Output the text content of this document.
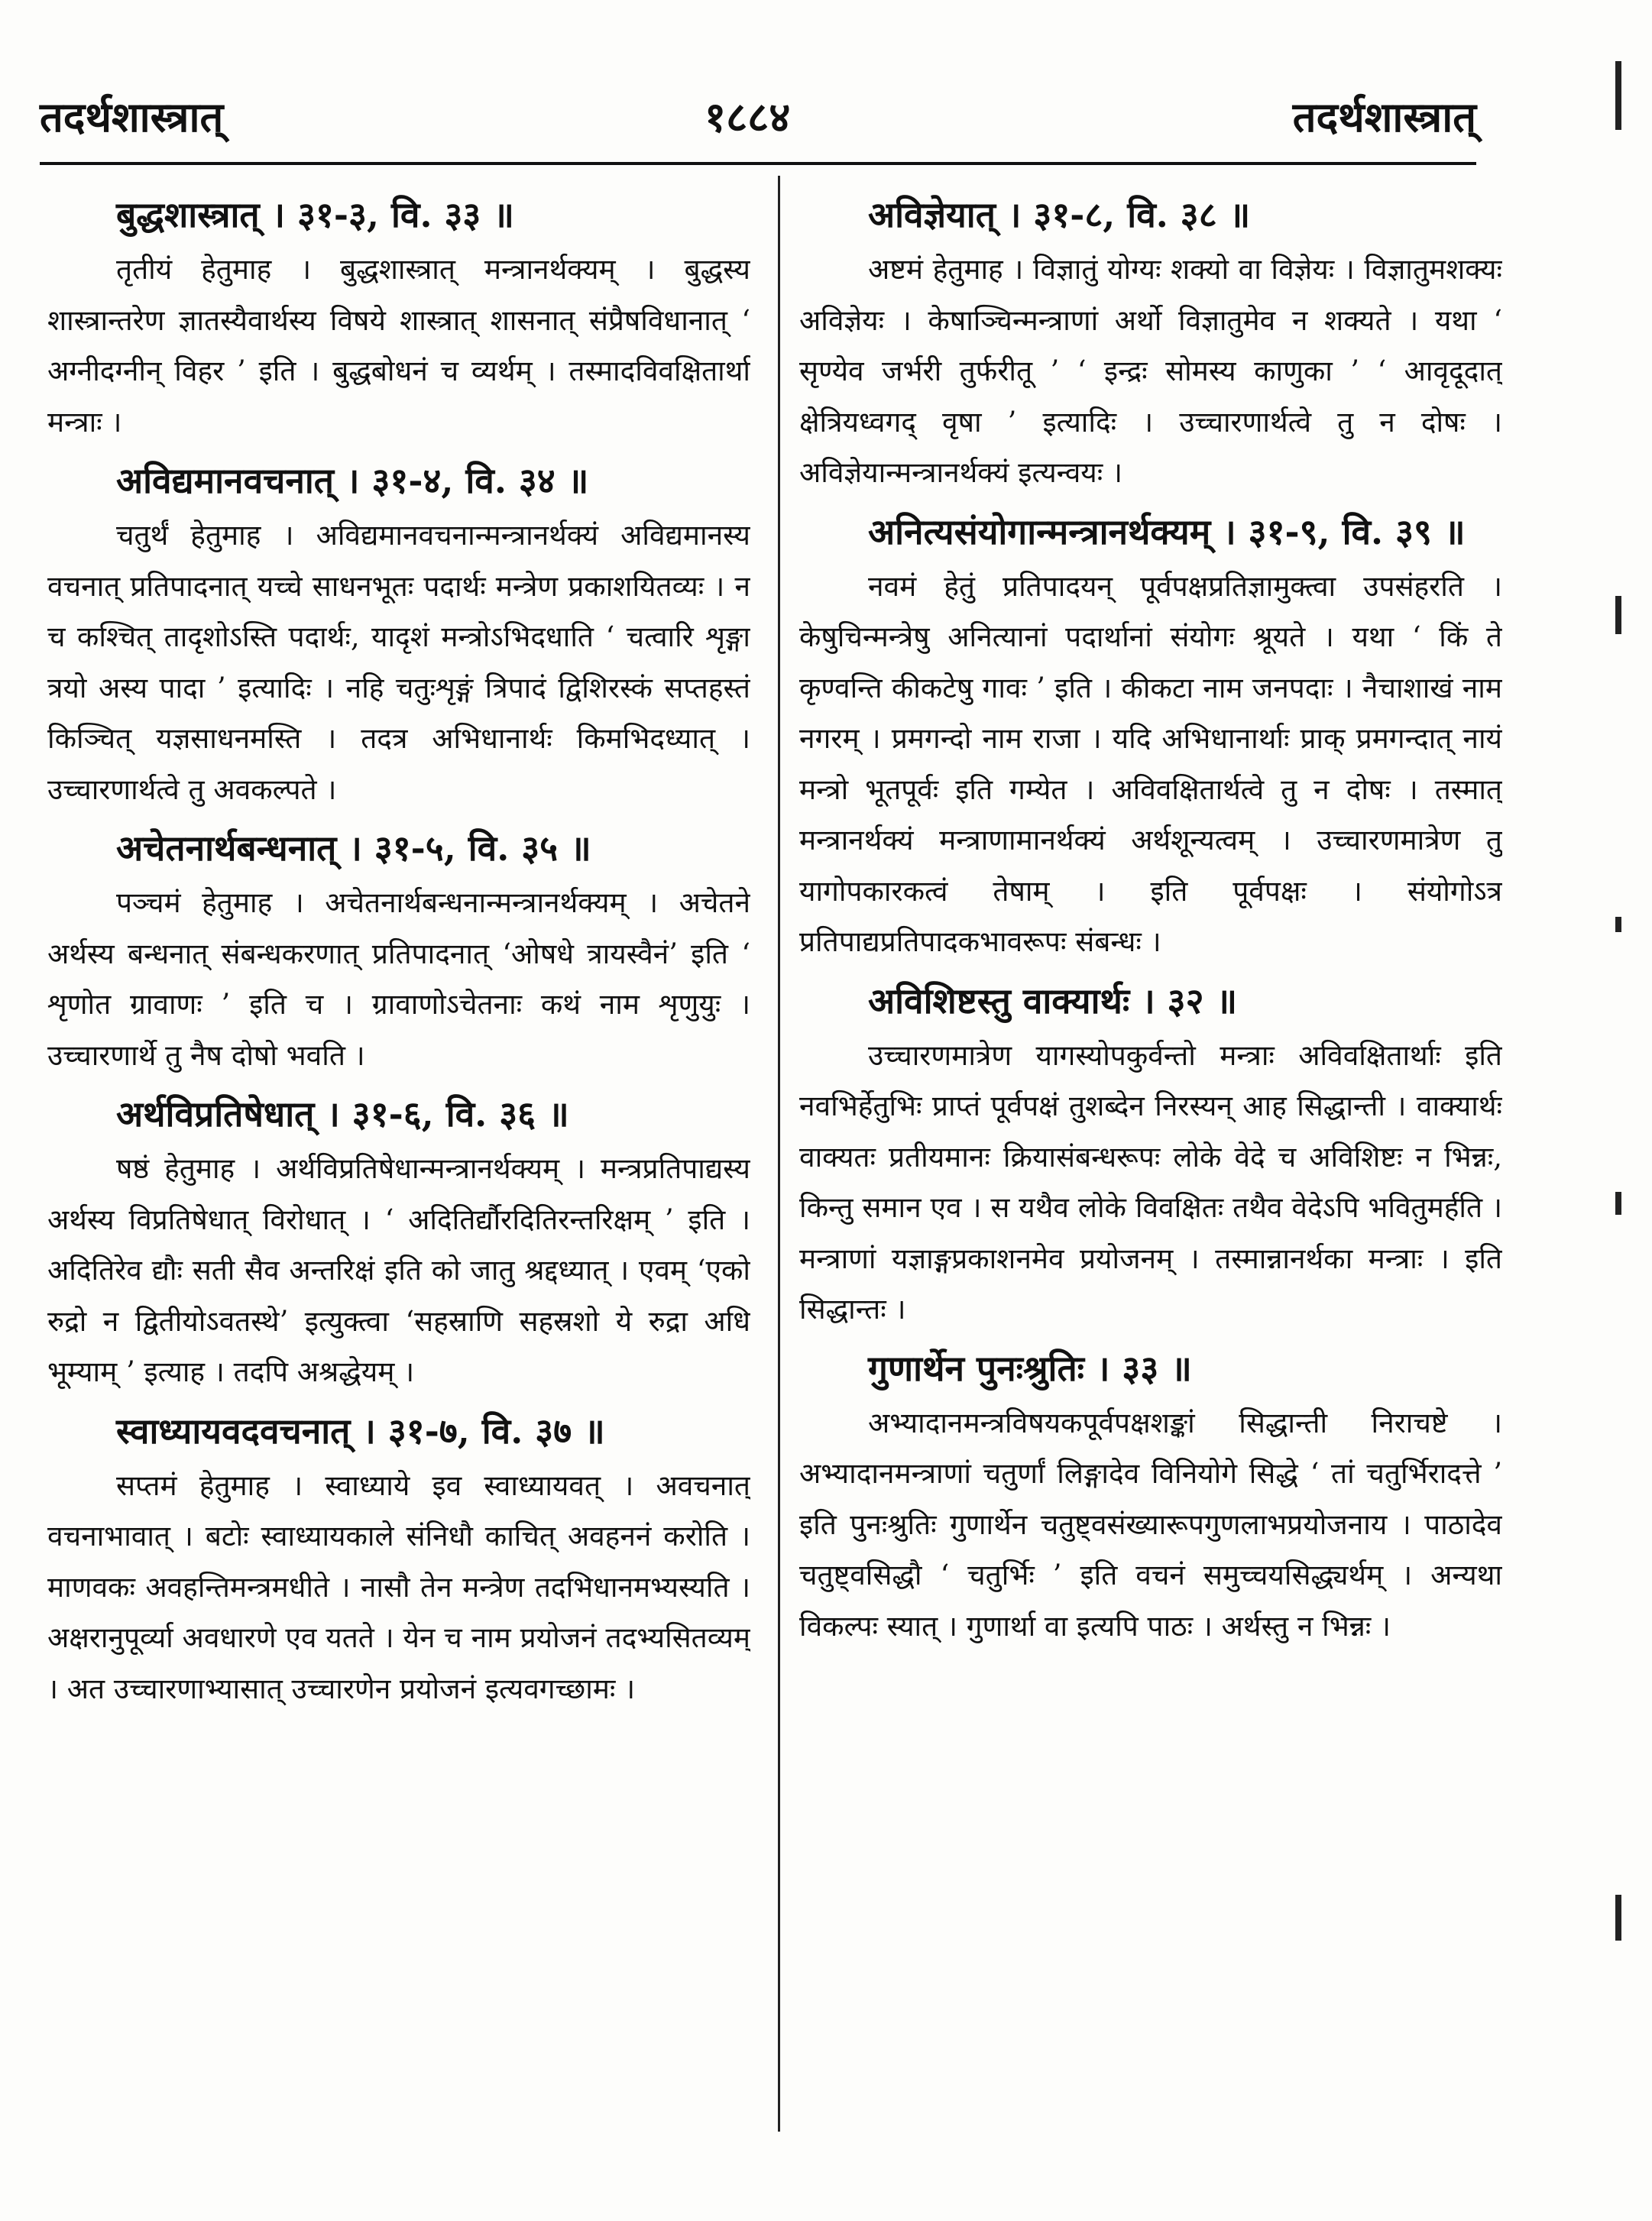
तदर्थशास्त्रात्	१८८४	तदर्थशास्त्रात्
बुद्धशास्त्रात् । ३१-३, वि. ३३ ॥

तृतीयं हेतुमाह । बुद्धशास्त्रात् मन्त्रानर्थक्यम् । बुद्धस्य शास्त्रान्तरेण ज्ञातस्यैवार्थस्य विषये शास्त्रात् शासनात् संप्रैषविधानात् ‘ अग्नीदग्नीन् विहर ’ इति । बुद्धबोधनं च व्यर्थम् । तस्मादविवक्षितार्था मन्त्राः ।

अविद्यमानवचनात् । ३१-४, वि. ३४ ॥

चतुर्थं हेतुमाह । अविद्यमानवचनान्मन्त्रानर्थक्यं अविद्यमानस्य वचनात् प्रतिपादनात् यच्चे साधनभूतः पदार्थः मन्त्रेण प्रकाशयितव्यः । न च कश्चित् तादृशोऽस्ति पदार्थः, यादृशं मन्त्रोऽभिदधाति ‘ चत्वारि शृङ्गा त्रयो अस्य पादा ’ इत्यादिः । नहि चतुःशृङ्गं त्रिपादं द्विशिरस्कं सप्तहस्तं किञ्चित् यज्ञसाधनमस्ति । तदत्र अभिधानार्थः किमभिदध्यात् । उच्चारणार्थत्वे तु अवकल्पते ।

अचेतनार्थबन्धनात् । ३१-५, वि. ३५ ॥

पञ्चमं हेतुमाह । अचेतनार्थबन्धनान्मन्त्रानर्थक्यम् । अचेतने अर्थस्य बन्धनात् संबन्धकरणात् प्रतिपादनात् ‘ओषधे त्रायस्वैनं’ इति ‘ शृणोत ग्रावाणः ’ इति च । ग्रावाणोऽचेतनाः कथं नाम शृणुयुः । उच्चारणार्थे तु नैष दोषो भवति ।

अर्थविप्रतिषेधात् । ३१-६, वि. ३६ ॥

षष्ठं हेतुमाह । अर्थविप्रतिषेधान्मन्त्रानर्थक्यम् । मन्त्रप्रतिपाद्यस्य अर्थस्य विप्रतिषेधात् विरोधात् । ‘ अदितिर्द्यौरदितिरन्तरिक्षम् ’ इति । अदितिरेव द्यौः सती सैव अन्तरिक्षं इति को जातु श्रद्दध्यात् । एवम् ‘एको रुद्रो न द्वितीयोऽवतस्थे’ इत्युक्त्वा ‘सहस्राणि सहस्रशो ये रुद्रा अधि भूम्याम् ’ इत्याह । तदपि अश्रद्धेयम् ।

स्वाध्यायवदवचनात् । ३१-७, वि. ३७ ॥

सप्तमं हेतुमाह । स्वाध्याये इव स्वाध्यायवत् । अवचनात् वचनाभावात् । बटोः स्वाध्यायकाले संनिधौ काचित् अवहननं करोति । माणवकः अवहन्तिमन्त्रमधीते । नासौ तेन मन्त्रेण तदभिधानमभ्यस्यति । अक्षरानुपूर्व्या अवधारणे एव यतते । येन च नाम प्रयोजनं तदभ्यसितव्यम् । अत उच्चारणाभ्यासात् उच्चारणेन प्रयोजनं इत्यवगच्छामः ।

अविज्ञेयात् । ३१-८, वि. ३८ ॥

अष्टमं हेतुमाह । विज्ञातुं योग्यः शक्यो वा विज्ञेयः । विज्ञातुमशक्यः अविज्ञेयः । केषाञ्चिन्मन्त्राणां अर्थो विज्ञातुमेव न शक्यते । यथा ‘ सृण्येव जर्भरी तुर्फरीतू ’ ‘ इन्द्रः सोमस्य काणुका ’ ‘ आवृदूदात् क्षेत्रियध्वगद् वृषा ’ इत्यादिः । उच्चारणार्थत्वे तु न दोषः । अविज्ञेयान्मन्त्रानर्थक्यं इत्यन्वयः ।

अनित्यसंयोगान्मन्त्रानर्थक्यम् । ३१-९, वि. ३९ ॥

नवमं हेतुं प्रतिपादयन् पूर्वपक्षप्रतिज्ञामुक्त्वा उपसंहरति । केषुचिन्मन्त्रेषु अनित्यानां पदार्थानां संयोगः श्रूयते । यथा ‘ किं ते कृण्वन्ति कीकटेषु गावः ’ इति । कीकटा नाम जनपदाः । नैचाशाखं नाम नगरम् । प्रमगन्दो नाम राजा । यदि अभिधानार्थाः प्राक् प्रमगन्दात् नायं मन्त्रो भूतपूर्वः इति गम्येत । अविवक्षितार्थत्वे तु न दोषः । तस्मात् मन्त्रानर्थक्यं मन्त्राणामानर्थक्यं अर्थशून्यत्वम् । उच्चारणमात्रेण तु यागोपकारकत्वं तेषाम् । इति पूर्वपक्षः । संयोगोऽत्र प्रतिपाद्यप्रतिपादकभावरूपः संबन्धः ।

अविशिष्टस्तु वाक्यार्थः । ३२ ॥

उच्चारणमात्रेण यागस्योपकुर्वन्तो मन्त्राः अविवक्षितार्थाः इति नवभिर्हेतुभिः प्राप्तं पूर्वपक्षं तुशब्देन निरस्यन् आह सिद्धान्ती । वाक्यार्थः वाक्यतः प्रतीयमानः क्रियासंबन्धरूपः लोके वेदे च अविशिष्टः न भिन्नः, किन्तु समान एव । स यथैव लोके विवक्षितः तथैव वेदेऽपि भवितुमर्हति । मन्त्राणां यज्ञाङ्गप्रकाशनमेव प्रयोजनम् । तस्मान्नानर्थका मन्त्राः । इति सिद्धान्तः ।

गुणार्थेन पुनःश्रुतिः । ३३ ॥

अभ्यादानमन्त्रविषयकपूर्वपक्षशङ्कां सिद्धान्ती निराचष्टे । अभ्यादानमन्त्राणां चतुर्णां लिङ्गादेव विनियोगे सिद्धे ‘ तां चतुर्भिरादत्ते ’ इति पुनःश्रुतिः गुणार्थेन चतुष्ट्वसंख्यारूपगुणलाभप्रयोजनाय । पाठादेव चतुष्ट्वसिद्धौ ‘ चतुर्भिः ’ इति वचनं समुच्चयसिद्ध्यर्थम् । अन्यथा विकल्पः स्यात् । गुणार्था वा इत्यपि पाठः । अर्थस्तु न भिन्नः ।
